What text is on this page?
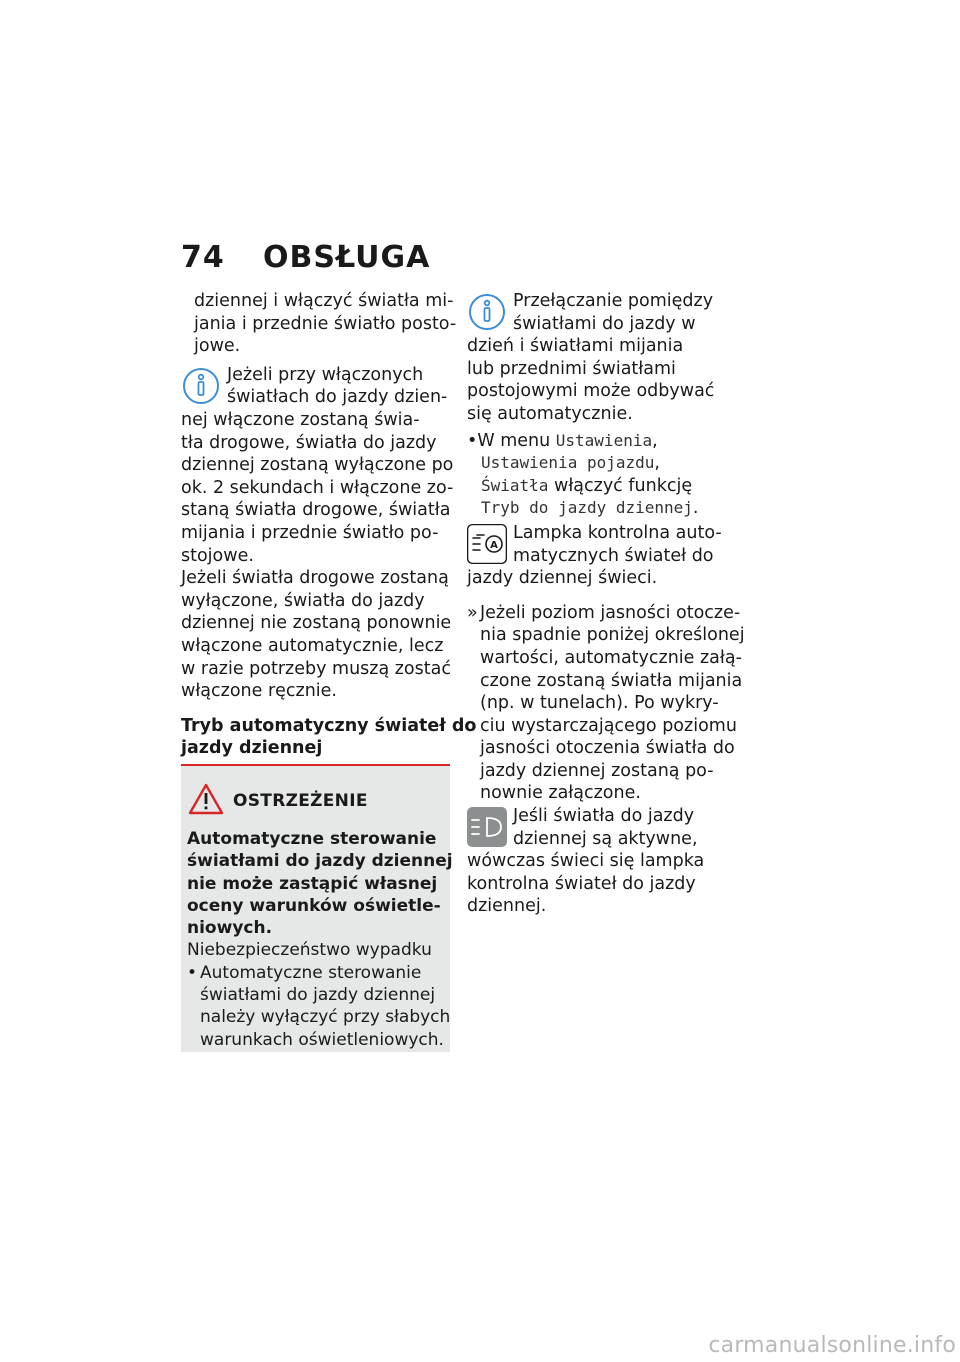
74 OBSŁUGA
dziennej i włączyć światła mi-
jania i przednie światło posto-
jowe.
Jeżeli przy włączonych
światłach do jazdy dzien-
nej włączone zostaną świa-
tła drogowe, światła do jazdy
dziennej zostaną wyłączone po
ok. 2 sekundach i włączone zo-
staną światła drogowe, światła
mijania i przednie światło po-
stojowe.
Jeżeli światła drogowe zostaną
wyłączone, światła do jazdy
dziennej nie zostaną ponownie
włączone automatycznie, lecz
w razie potrzeby muszą zostać
włączone ręcznie.
Tryb automatyczny świateł do
jazdy dziennej
OSTRZEŻENIE
Automatyczne sterowanie
światłami do jazdy dziennej
nie może zastąpić własnej
oceny warunków oświetle-
niowych.
Niebezpieczeństwo wypadku
• Automatyczne sterowanie
światłami do jazdy dziennej
należy wyłączyć przy słabych
warunkach oświetleniowych.
Przełączanie pomiędzy
światłami do jazdy w
dzień i światłami mijania
lub przednimi światłami
postojowymi może odbywać
się automatycznie.
•W menu Ustawienia,
Ustawienia pojazdu,
Światła włączyć funkcję
Tryb do jazdy dziennej.
A
Lampka kontrolna auto-
matycznych świateł do
jazdy dziennej świeci.
» Jeżeli poziom jasności otocze-
nia spadnie poniżej określonej
wartości, automatycznie załą-
czone zostaną światła mijania
(np. w tunelach). Po wykry-
ciu wystarczającego poziomu
jasności otoczenia światła do
jazdy dziennej zostaną po-
nownie załączone.
Jeśli światła do jazdy
dziennej są aktywne,
wówczas świeci się lampka
kontrolna świateł do jazdy
dziennej.
carmanualsonline.info
